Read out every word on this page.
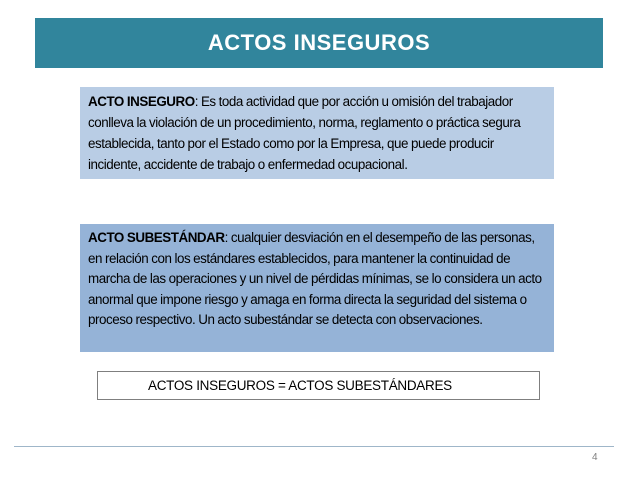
ACTOS INSEGUROS
ACTO INSEGURO: Es toda actividad que por acción u omisión del trabajador conlleva la violación de un procedimiento, norma, reglamento o práctica segura establecida, tanto por el Estado como por la Empresa, que puede producir incidente, accidente de trabajo o enfermedad ocupacional.
ACTO SUBESTÁNDAR: cualquier desviación en el desempeño de las personas, en relación con los estándares establecidos, para mantener la continuidad de marcha de las operaciones y un nivel de pérdidas mínimas, se lo considera un acto anormal que impone riesgo y amaga en forma directa la seguridad del sistema o proceso respectivo. Un acto subestándar se detecta con observaciones.
ACTOS INSEGUROS = ACTOS SUBESTÁNDARES
4
